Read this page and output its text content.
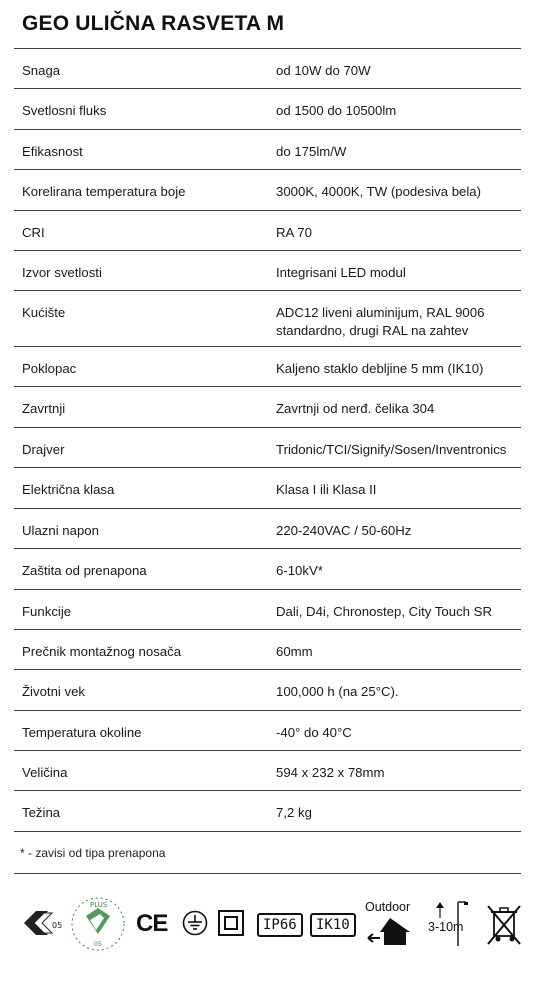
GEO ULIČNA RASVETA M
Snaga	od 10W do 70W
Svetlosni fluks	od 1500 do 10500lm
Efikasnost	do 175lm/W
Korelirana temperatura boje	3000K, 4000K, TW (podesiva bela)
CRI	RA 70
Izvor svetlosti	Integrisani LED modul
Kućište	ADC12 liveni aluminijum, RAL 9006
standardno, drugi RAL na zahtev
Poklopac	Kaljeno staklo debljine 5 mm (IK10)
Zavrtnji	Zavrtnji od nerđ. čelika 304
Drajver	Tridonic/TCI/Signify/Sosen/Inventronics
Električna klasa	Klasa I ili Klasa II
Ulazni napon	220-240VAC / 50-60Hz
Zaštita od prenapona	6-10kV*
Funkcije	Dali, D4i, Chronostep, City Touch SR
Prečnik montažnog nosača	60mm
Životni vek	100,000 h (na 25°C).
Temperatura okoline	-40° do 40°C
Veličina	594 x 232 x 78mm
Težina	7,2 kg
* - zavisi od tipa prenapona
05
PLUS
05
CE	IP66	IK10
Outdoor
3-10m
